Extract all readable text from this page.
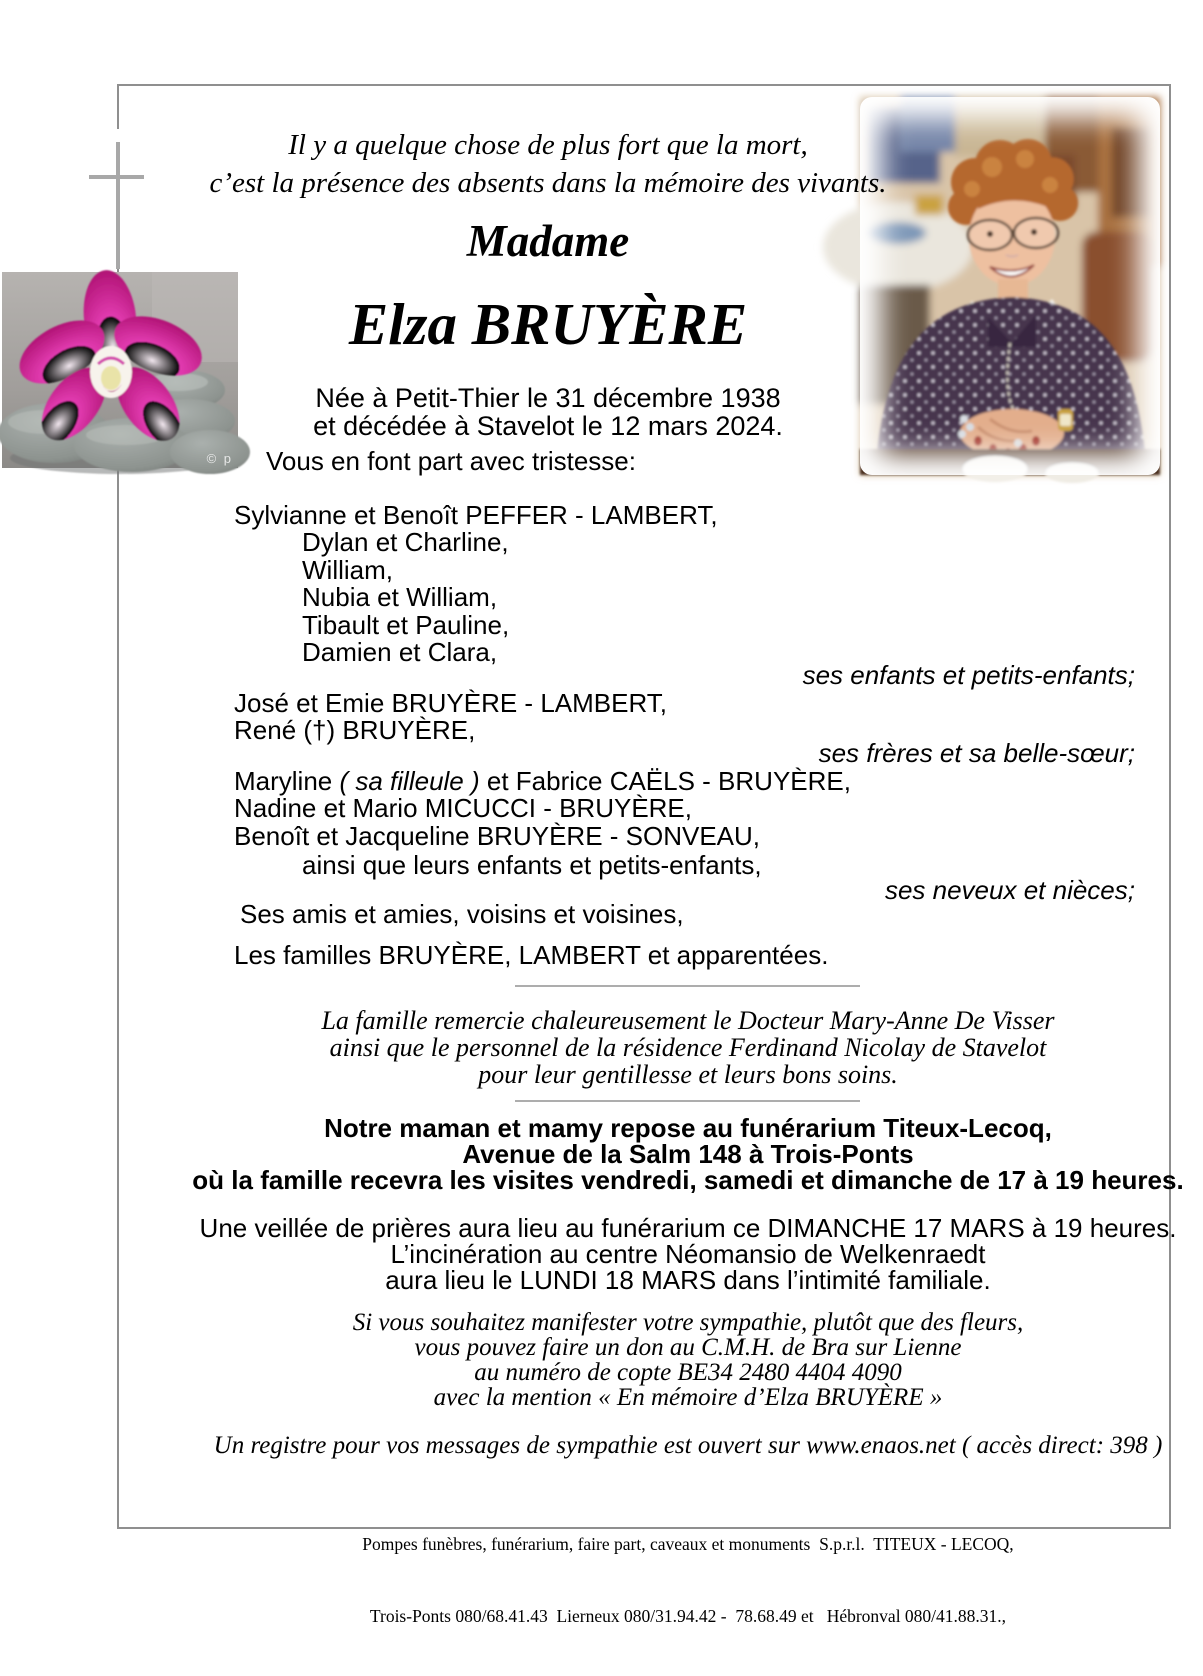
© p
Il y a quelque chose de plus fort que la mort,
c’est la présence des absents dans la mémoire des vivants.
Madame
Elza BRUYÈRE
Née à Petit-Thier le 31 décembre 1938
et décédée à Stavelot le 12 mars 2024.
Vous en font part avec tristesse:
Sylvianne et Benoît PEFFER - LAMBERT,
Dylan et Charline,
William,
Nubia et William,
Tibault et Pauline,
Damien et Clara,
ses enfants et petits-enfants;
José et Emie BRUYÈRE - LAMBERT,
René (†) BRUYÈRE,
ses frères et sa belle-sœur;
Maryline ( sa filleule ) et Fabrice CAËLS - BRUYÈRE,
Nadine et Mario MICUCCI - BRUYÈRE,
Benoît et Jacqueline BRUYÈRE - SONVEAU,
ainsi que leurs enfants et petits-enfants,
ses neveux et nièces;
Ses amis et amies, voisins et voisines,
Les familles BRUYÈRE, LAMBERT et apparentées.
La famille remercie chaleureusement le Docteur Mary-Anne De Visser
ainsi que le personnel de la résidence Ferdinand Nicolay de Stavelot
pour leur gentillesse et leurs bons soins.
Notre maman et mamy repose au funérarium Titeux-Lecoq,
Avenue de la Salm 148 à Trois-Ponts
où la famille recevra les visites vendredi, samedi et dimanche de 17 à 19 heures.
Une veillée de prières aura lieu au funérarium ce DIMANCHE 17 MARS à 19 heures.
L’incinération au centre Néomansio de Welkenraedt
aura lieu le LUNDI 18 MARS dans l’intimité familiale.
Si vous souhaitez manifester votre sympathie, plutôt que des fleurs,
vous pouvez faire un don au C.M.H. de Bra sur Lienne
au numéro de copte BE34 2480 4404 4090
avec la mention « En mémoire d’Elza BRUYÈRE »
Un registre pour vos messages de sympathie est ouvert sur www.enaos.net ( accès direct: 398 )

Pompes funèbres, funérarium, faire part, caveaux et monuments  S.p.r.l.  TITEUX - LECOQ,

Trois-Ponts 080/68.41.43  Lierneux 080/31.94.42 -  78.68.49 et   Hébronval 080/41.88.31.,
